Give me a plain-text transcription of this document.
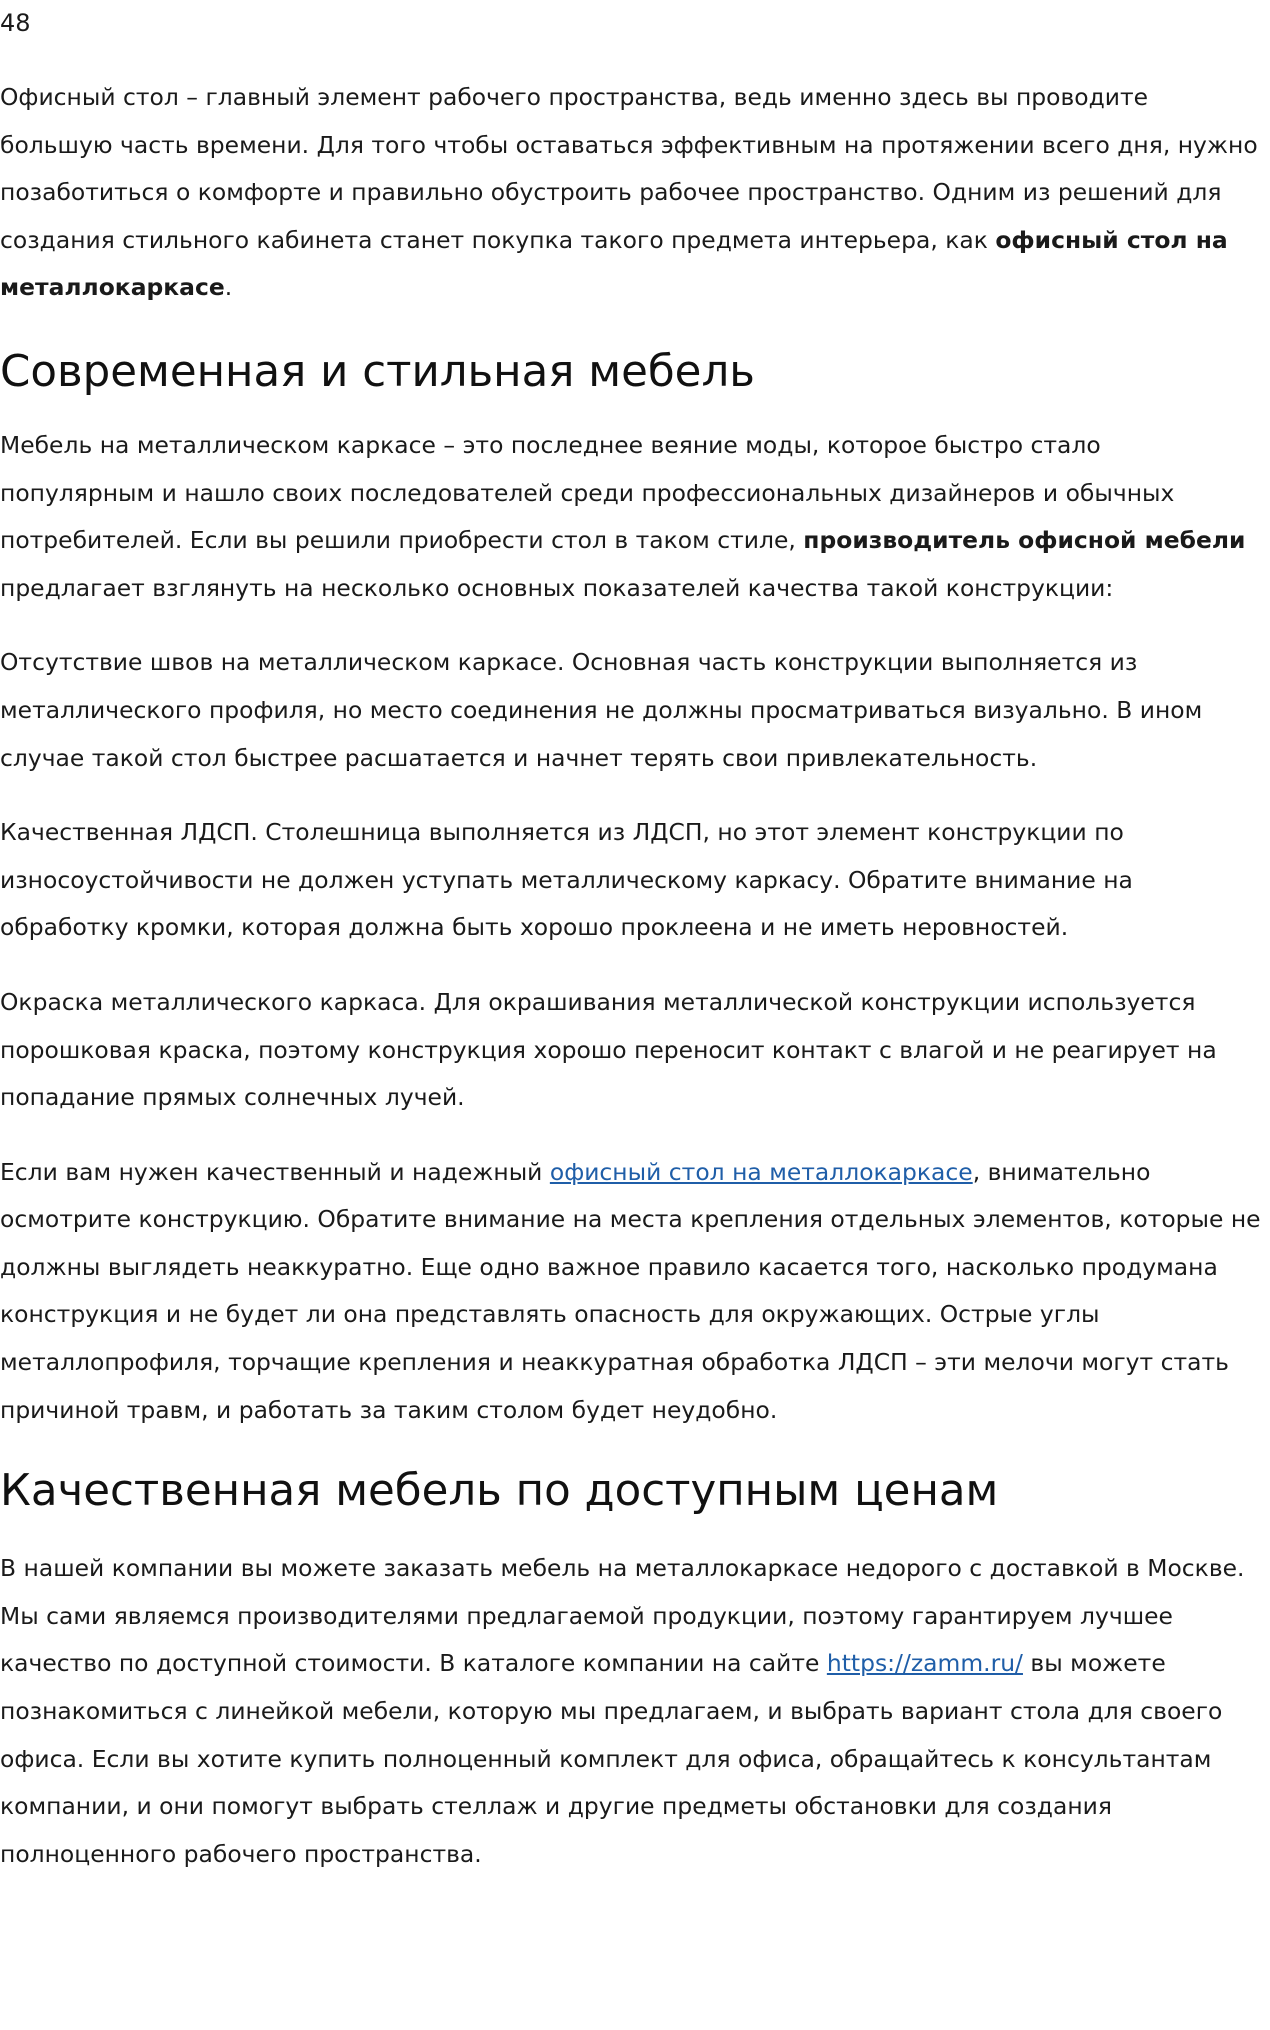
48

Офисный стол – главный элемент рабочего пространства, ведь именно здесь вы проводите большую часть времени. Для того чтобы оставаться эффективным на протяжении всего дня, нужно позаботиться о комфорте и правильно обустроить рабочее пространство. Одним из решений для создания стильного кабинета станет покупка такого предмета интерьера, как офисный стол на металлокаркасе.

Современная и стильная мебель

Мебель на металлическом каркасе – это последнее веяние моды, которое быстро стало популярным и нашло своих последователей среди профессиональных дизайнеров и обычных потребителей. Если вы решили приобрести стол в таком стиле, производитель офисной мебели предлагает взглянуть на несколько основных показателей качества такой конструкции:

Отсутствие швов на металлическом каркасе. Основная часть конструкции выполняется из металлического профиля, но место соединения не должны просматриваться визуально. В ином случае такой стол быстрее расшатается и начнет терять свои привлекательность.

Качественная ЛДСП. Столешница выполняется из ЛДСП, но этот элемент конструкции по износоустойчивости не должен уступать металлическому каркасу. Обратите внимание на обработку кромки, которая должна быть хорошо проклеена и не иметь неровностей.

Окраска металлического каркаса. Для окрашивания металлической конструкции используется порошковая краска, поэтому конструкция хорошо переносит контакт с влагой и не реагирует на попадание прямых солнечных лучей.

Если вам нужен качественный и надежный офисный стол на металлокаркасе, внимательно осмотрите конструкцию. Обратите внимание на места крепления отдельных элементов, которые не должны выглядеть неаккуратно. Еще одно важное правило касается того, насколько продумана конструкция и не будет ли она представлять опасность для окружающих. Острые углы металлопрофиля, торчащие крепления и неаккуратная обработка ЛДСП – эти мелочи могут стать причиной травм, и работать за таким столом будет неудобно.

Качественная мебель по доступным ценам

В нашей компании вы можете заказать мебель на металлокаркасе недорого с доставкой в Москве. Мы сами являемся производителями предлагаемой продукции, поэтому гарантируем лучшее качество по доступной стоимости. В каталоге компании на сайте https://zamm.ru/ вы можете познакомиться с линейкой мебели, которую мы предлагаем, и выбрать вариант стола для своего офиса. Если вы хотите купить полноценный комплект для офиса, обращайтесь к консультантам компании, и они помогут выбрать стеллаж и другие предметы обстановки для создания полноценного рабочего пространства.
